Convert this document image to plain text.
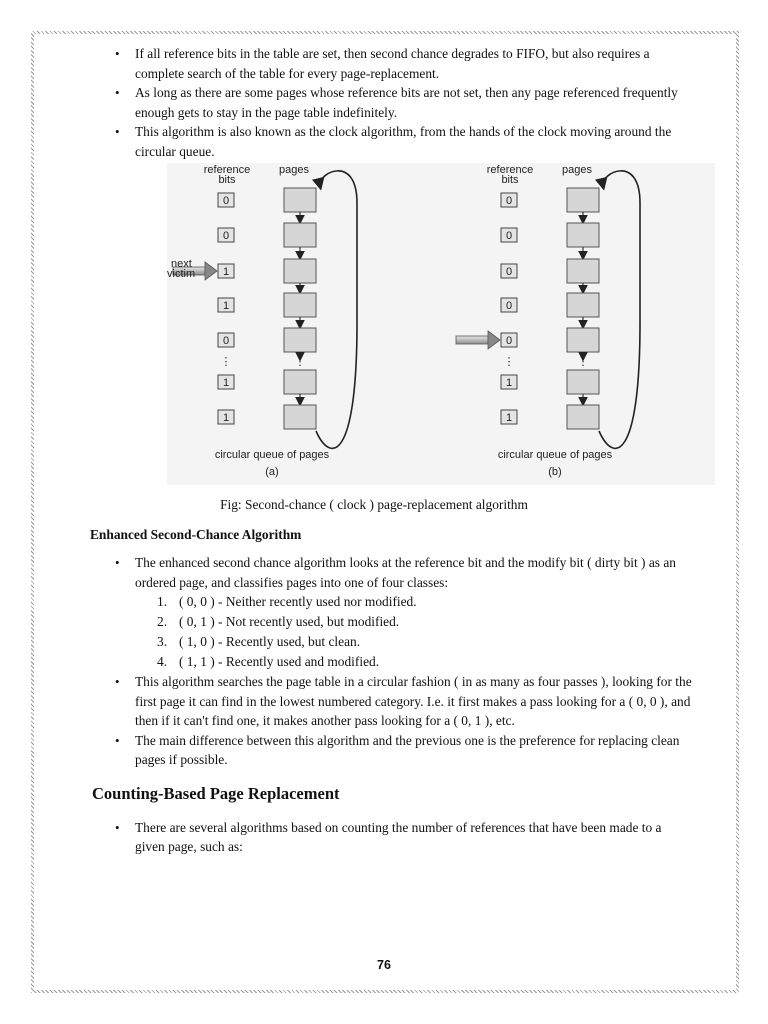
• If all reference bits in the table are set, then second chance degrades to FIFO, but also requires a complete search of the table for every page-replacement.
• As long as there are some pages whose reference bits are not set, then any page referenced frequently enough gets to stay in the page table indefinitely.
• This algorithm is also known as the clock algorithm, from the hands of the clock moving around the circular queue.
reference
bits
pages
0
0
1
1
0
1
1
⋮	⋮
circular queue of pages
(a)
next
victim
reference
bits
pages
0
0
0
0
0
1
1
⋮	⋮
circular queue of pages
(b)

Fig: Second-chance ( clock ) page-replacement algorithm

Enhanced Second-Chance Algorithm
• The enhanced second chance algorithm looks at the reference bit and the modify bit ( dirty bit ) as an ordered page, and classifies pages into one of four classes:
1. ( 0, 0 ) - Neither recently used nor modified.
2. ( 0, 1 ) - Not recently used, but modified.
3. ( 1, 0 ) - Recently used, but clean.
4. ( 1, 1 ) - Recently used and modified.
• This algorithm searches the page table in a circular fashion ( in as many as four passes ), looking for the first page it can find in the lowest numbered category. I.e. it first makes a pass looking for a ( 0, 0 ), and then if it can't find one, it makes another pass looking for a ( 0, 1 ), etc.
• The main difference between this algorithm and the previous one is the preference for replacing clean pages if possible.
Counting-Based Page Replacement
• There are several algorithms based on counting the number of references that have been made to a given page, such as:
76
